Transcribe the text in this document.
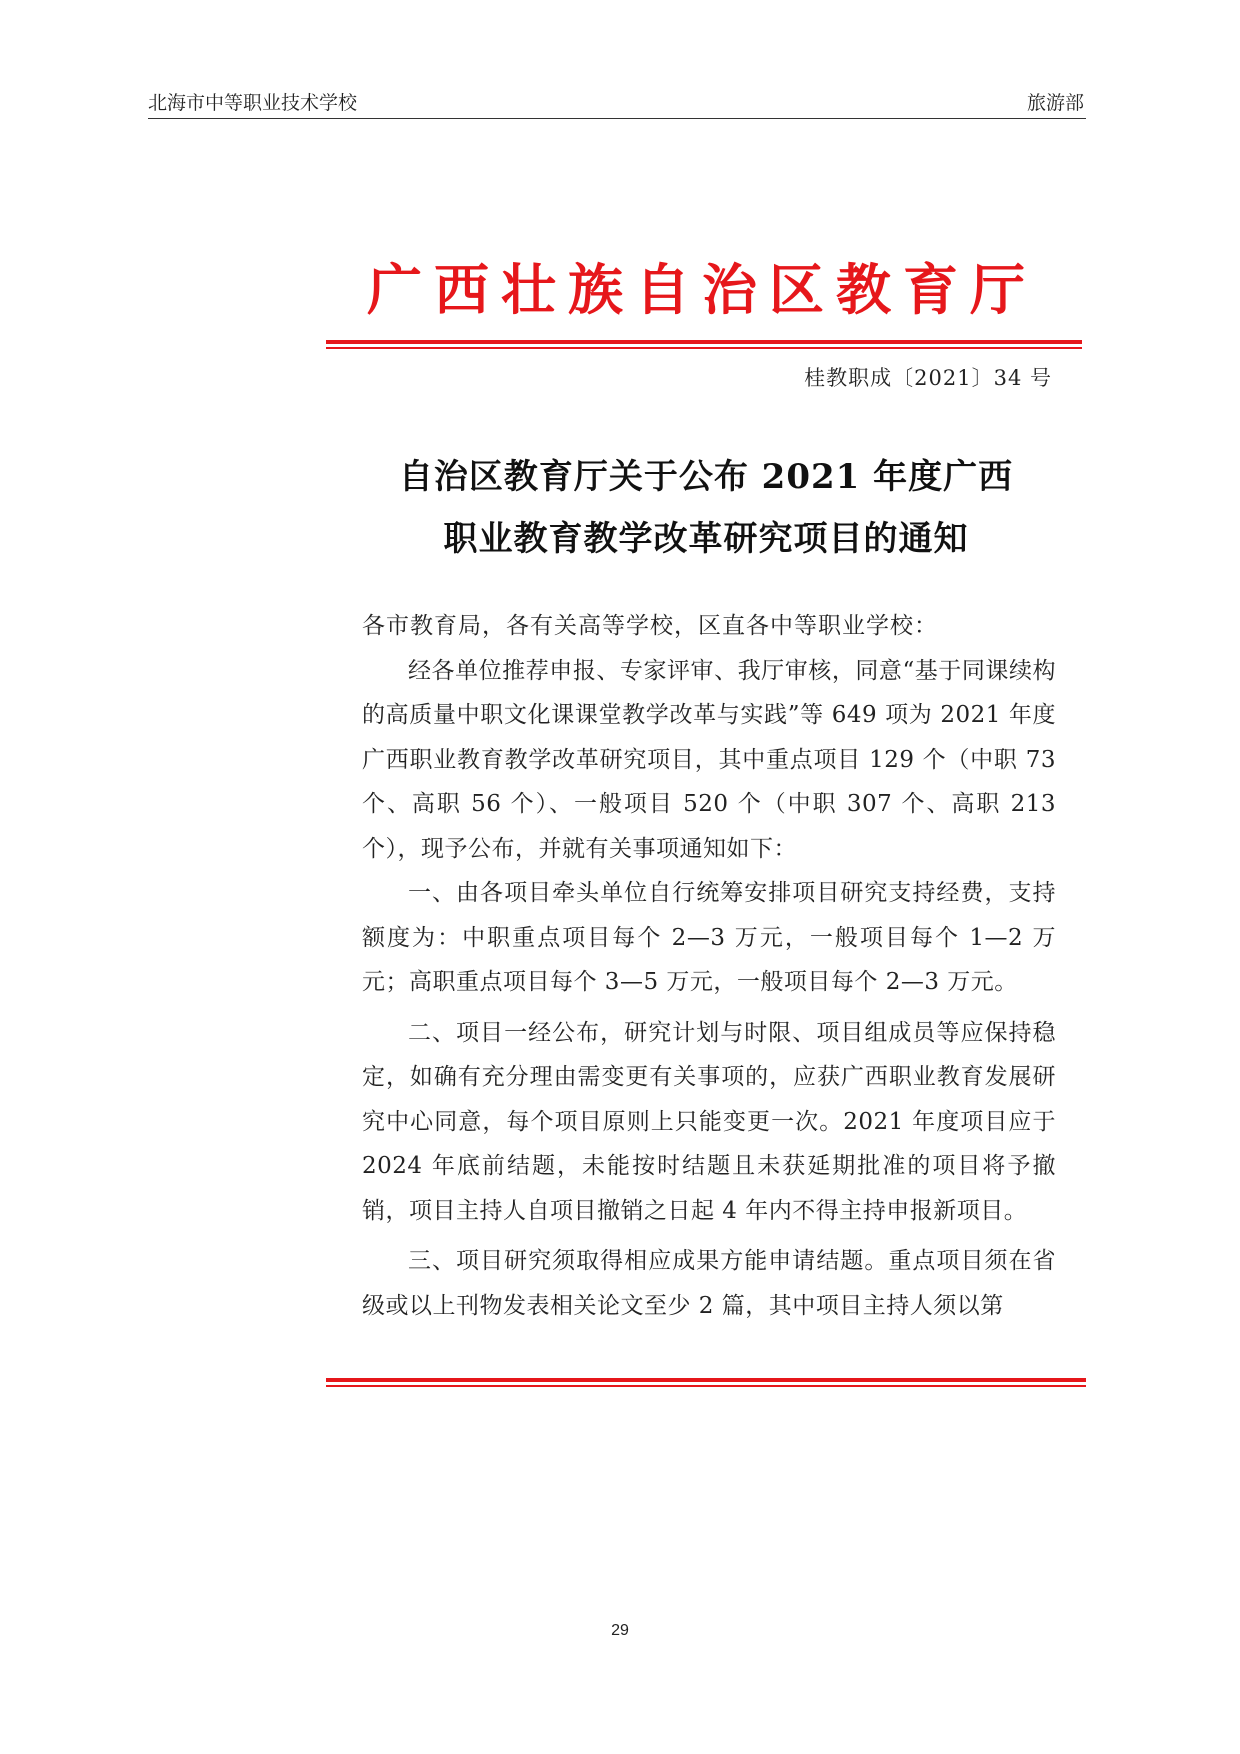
北海市中等职业技术学校	旅游部
广西壮族自治区教育厅
桂教职成〔2021〕34 号
自治区教育厅关于公布 2021 年度广西
职业教育教学改革研究项目的通知

各市教育局，各有关高等学校，区直各中等职业学校：

经各单位推荐申报、专家评审、我厅审核，同意“基于同课续构的高质量中职文化课课堂教学改革与实践”等 649 项为 2021 年度广西职业教育教学改革研究项目，其中重点项目 129 个（中职 73 个、高职 56 个）、一般项目 520 个（中职 307 个、高职 213 个），现予公布，并就有关事项通知如下：

一、由各项目牵头单位自行统筹安排项目研究支持经费，支持额度为：中职重点项目每个 2—3 万元，一般项目每个 1—2 万元；高职重点项目每个 3—5 万元，一般项目每个 2—3 万元。

二、项目一经公布，研究计划与时限、项目组成员等应保持稳定，如确有充分理由需变更有关事项的，应获广西职业教育发展研究中心同意，每个项目原则上只能变更一次。2021 年度项目应于 2024 年底前结题，未能按时结题且未获延期批准的项目将予撤销，项目主持人自项目撤销之日起 4 年内不得主持申报新项目。

三、项目研究须取得相应成果方能申请结题。重点项目须在省级或以上刊物发表相关论文至少 2 篇，其中项目主持人须以第

29
